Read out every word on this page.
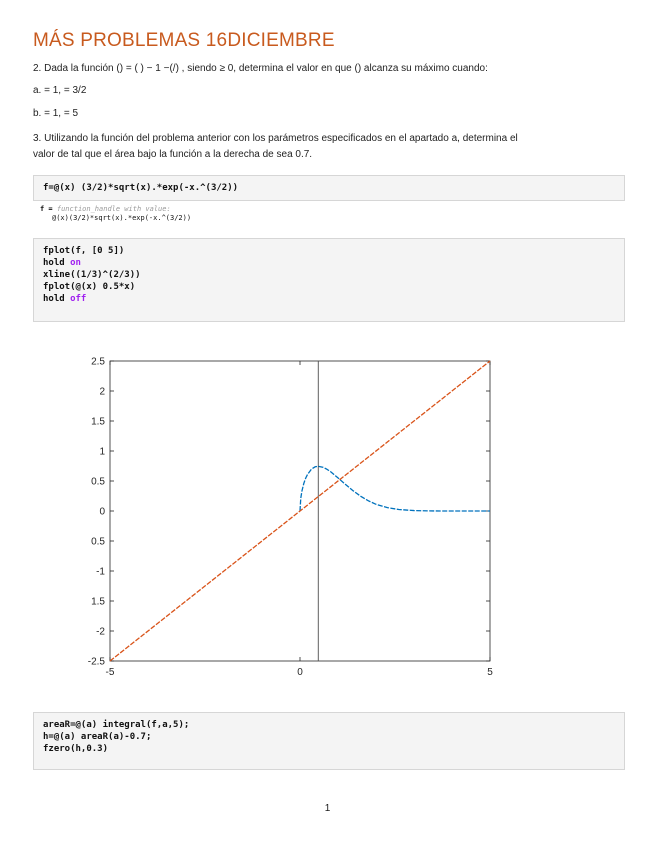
MÁS PROBLEMAS 16DICIEMBRE
2. Dada la función () = ( ) − 1 −(/) , siendo ≥ 0, determina el valor en que () alcanza su máximo cuando:
a. = 1, = 3/2
b. = 1, = 5
3. Utilizando la función del problema anterior con los parámetros especificados en el apartado a, determina el
valor de tal que el área bajo la función a la derecha de sea 0.7.
f=@(x) (3/2)*sqrt(x).*exp(-x.^(3/2))
f = function_handle with value:
@(x)(3/2)*sqrt(x).*exp(-x.^(3/2))
fplot(f, [0 5])
hold on
xline((1/3)^(2/3))
fplot(@(x) 0.5*x)
hold off
2.5
2
1.5
1
0.5
0
0.5
-1
1.5
-2
-2.5
-5	0	5
areaR=@(a) integral(f,a,5);
h=@(a) areaR(a)-0.7;
fzero(h,0.3)
1
